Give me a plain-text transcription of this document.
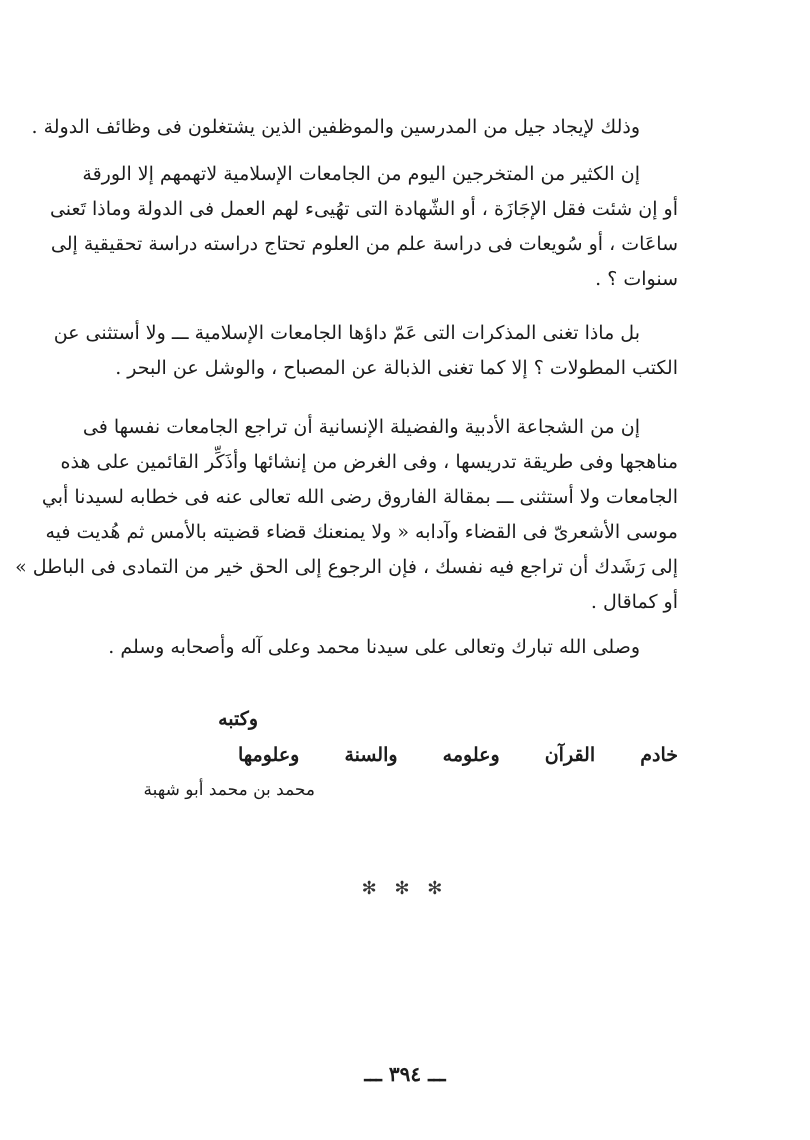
وذلك لإيجاد جيل من المدرسين والموظفين الذين يشتغلون فى وظائف الدولة .
إن الكثير من المتخرجين اليوم من الجامعات الإسلامية لاتهمهم إلا الورقة
أو إن شئت فقل الإجَازَة ، أو الشّهادة التى تهُيىء لهم العمل فى الدولة وماذا تَعنى
ساعَات ، أو سُويعات فى دراسة علم من العلوم تحتاج دراسته دراسة تحقيقية إلى
سنوات ؟ .
بل ماذا تغنى المذكرات التى عَمّ داؤها الجامعات الإسلامية ـــ ولا أستثنى عن
الكتب المطولات ؟ إلا كما تغنى الذبالة عن المصباح ، والوشل عن البحر .
إن من الشجاعة الأدبية والفضيلة الإنسانية أن تراجع الجامعات نفسها فى
مناهجها وفى طريقة تدريسها ، وفى الغرض من إنشائها وأذَكِّر القائمين على هذه
الجامعات ولا أستثنى ـــ بمقالة الفاروق رضى الله تعالى عنه فى خطابه لسيدنا أبي
موسى الأشعرىّ فى القضاء وآدابه « ولا يمنعنك قضاء قضيته بالأمس ثم هُديت فيه
إلى رَشَدك أن تراجع فيه نفسك ، فإن الرجوع إلى الحق خير من التمادى فى الباطل »
أو كماقال .
وصلى الله تبارك وتعالى على سيدنا محمد وعلى آله وأصحابه وسلم .
وكتبه
خادم القرآن وعلومه والسنة وعلومها
محمد بن محمد أبو شهبة
✻ ✻ ✻
ـــ ٣٩٤ ـــ
